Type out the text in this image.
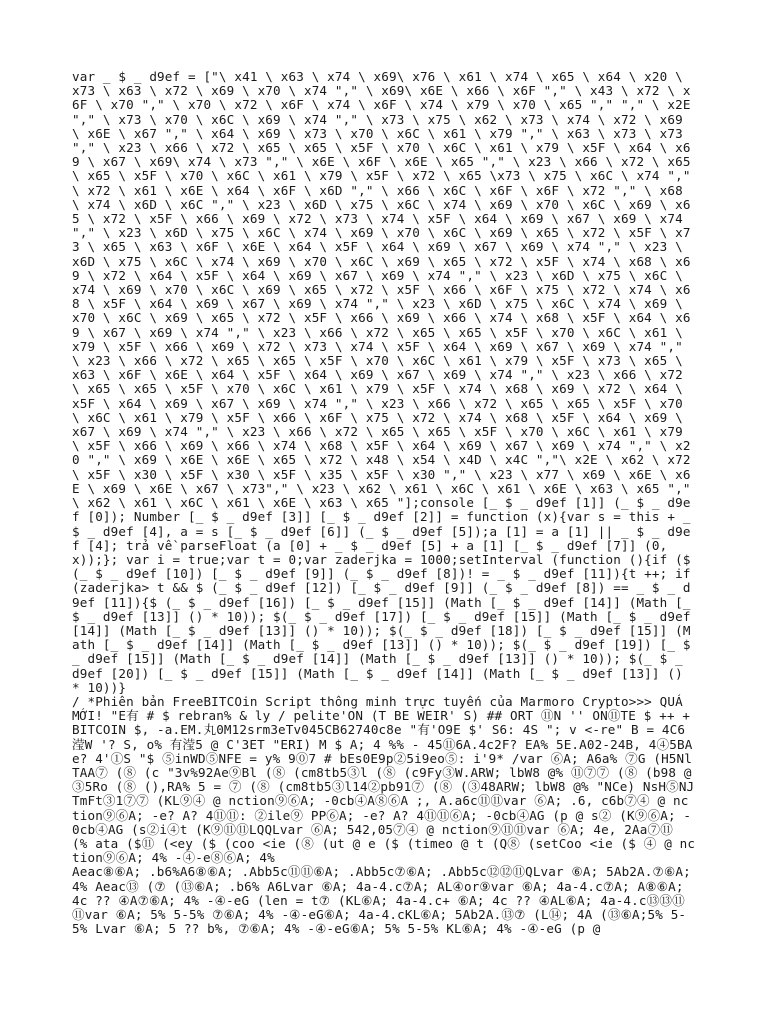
var _ $ _ d9ef = ["\ x41 \ x63 \ x74 \ x69\ x76 \ x61 \ x74 \ x65 \ x64 \ x20 \ x73 \ x63 \ x72 \ x69 \ x70 \ x74 "," \ x69\ x6E \ x66 \ x6F "," \ x43 \ x72 \ x6F \ x70 "," \ x70 \ x72 \ x6F \ x74 \ x6F \ x74 \ x79 \ x70 \ x65 "," "," \ x2E "," \ x73 \ x70 \ x6C \ x69 \ x74 "," \ x73 \ x75 \ x62 \ x73 \ x74 \ x72 \ x69 \ x6E \ x67 "," \ x64 \ x69 \ x73 \ x70 \ x6C \ x61 \ x79 "," \ x63 \ x73 \ x73 "," \ x23 \ x66 \ x72 \ x65 \ x65 \ x5F \ x70 \ x6C \ x61 \ x79 \ x5F \ x64 \ x69 \ x67 \ x69\ x74 \ x73 "," \ x6E \ x6F \ x6E \ x65 "," \ x23 \ x66 \ x72 \ x65 \ x65 \ x5F \ x70 \ x6C \ x61 \ x79 \ x5F \ x72 \ x65 \x73 \ x75 \ x6C \ x74 "," \ x72 \ x61 \ x6E \ x64 \ x6F \ x6D "," \ x66 \ x6C \ x6F \ x6F \ x72 "," \ x68 \ x74 \ x6D \ x6C "," \ x23 \ x6D \ x75 \ x6C \ x74 \ x69 \ x70 \ x6C \ x69 \ x65 \ x72 \ x5F \ x66 \ x69 \ x72 \ x73 \ x74 \ x5F \ x64 \ x69 \ x67 \ x69 \ x74 "," \ x23 \ x6D \ x75 \ x6C \ x74 \ x69 \ x70 \ x6C \ x69 \ x65 \ x72 \ x5F \ x73 \ x65 \ x63 \ x6F \ x6E \ x64 \ x5F \ x64 \ x69 \ x67 \ x69 \ x74 "," \ x23 \ x6D \ x75 \ x6C \ x74 \ x69 \ x70 \ x6C \ x69 \ x65 \ x72 \ x5F \ x74 \ x68 \ x69 \ x72 \ x64 \ x5F \ x64 \ x69 \ x67 \ x69 \ x74 "," \ x23 \ x6D \ x75 \ x6C \ x74 \ x69 \ x70 \ x6C \ x69 \ x65 \ x72 \ x5F \ x66 \ x6F \ x75 \ x72 \ x74 \ x68 \ x5F \ x64 \ x69 \ x67 \ x69 \ x74 "," \ x23 \ x6D \ x75 \ x6C \ x74 \ x69 \ x70 \ x6C \ x69 \ x65 \ x72 \ x5F \ x66 \ x69 \ x66 \ x74 \ x68 \ x5F \ x64 \ x69 \ x67 \ x69 \ x74 "," \ x23 \ x66 \ x72 \ x65 \ x65 \ x5F \ x70 \ x6C \ x61 \ x79 \ x5F \ x66 \ x69 \ x72 \ x73 \ x74 \ x5F \ x64 \ x69 \ x67 \ x69 \ x74 "," \ x23 \ x66 \ x72 \ x65 \ x65 \ x5F \ x70 \ x6C \ x61 \ x79 \ x5F \ x73 \ x65 \ x63 \ x6F \ x6E \ x64 \ x5F \ x64 \ x69 \ x67 \ x69 \ x74 "," \ x23 \ x66 \ x72 \ x65 \ x65 \ x5F \ x70 \ x6C \ x61 \ x79 \ x5F \ x74 \ x68 \ x69 \ x72 \ x64 \ x5F \ x64 \ x69 \ x67 \ x69 \ x74 "," \ x23 \ x66 \ x72 \ x65 \ x65 \ x5F \ x70 \ x6C \ x61 \ x79 \ x5F \ x66 \ x6F \ x75 \ x72 \ x74 \ x68 \ x5F \ x64 \ x69 \ x67 \ x69 \ x74 "," \ x23 \ x66 \ x72 \ x65 \ x65 \ x5F \ x70 \ x6C \ x61 \ x79 \ x5F \ x66 \ x69 \ x66 \ x74 \ x68 \ x5F \ x64 \ x69 \ x67 \ x69 \ x74 "," \ x20 "," \ x69 \ x6E \ x6E \ x65 \ x72 \ x48 \ x54 \ x4D \ x4C ","\ x2E \ x62 \ x72 \ x5F \ x30 \ x5F \ x30 \ x5F \ x35 \ x5F \ x30 "," \ x23 \ x77 \ x69 \ x6E \ x6E \ x69 \ x6E \ x67 \ x73"," \ x23 \ x62 \ x61 \ x6C \ x61 \ x6E \ x63 \ x65 "," \ x62 \ x61 \ x6C \ x61 \ x6E \ x63 \ x65 "];console [_ $ _ d9ef [1]] (_ $ _ d9ef [0]); Number [_ $ _ d9ef [3]] [_ $ _ d9ef [2]] = function (x){var s = this + _ $ _ d9ef [4], a = s [_ $ _ d9ef [6]] (_ $ _ d9ef [5]);a [1] = a [1] || _ $ _ d9ef [4]; trả về parseFloat (a [0] + _ $ _ d9ef [5] + a [1] [_ $ _ d9ef [7]] (0, x));}; var i = true;var t = 0;var zaderjka = 1000;setInterval (function (){if ($ (_ $ _ d9ef [10]) [_ $ _ d9ef [9]] (_ $ _ d9ef [8])! = _ $ _ d9ef [11]){t ++; if (zaderjka> t && $ (_ $ _ d9ef [12]) [_ $ _ d9ef [9]] (_ $ _ d9ef [8]) == _ $ _ d9ef [11]){$ (_ $ _ d9ef [16]) [_ $ _ d9ef [15]] (Math [_ $ _ d9ef [14]] (Math [_ $ _ d9ef [13]] () * 10)); $(_ $ _ d9ef [17]) [_ $ _ d9ef [15]] (Math [_ $ _ d9ef [14]] (Math [_ $ _ d9ef [13]] () * 10)); $(_ $ _ d9ef [18]) [_ $ _ d9ef [15]] (Math [_ $ _ d9ef [14]] (Math [_ $ _ d9ef [13]] () * 10)); $(_ $ _ d9ef [19]) [_ $ _ d9ef [15]] (Math [_ $ _ d9ef [14]] (Math [_ $ _ d9ef [13]] () * 10)); $(_ $ _ d9ef [20]) [_ $ _ d9ef [15]] (Math [_ $ _ d9ef [14]] (Math [_ $ _ d9ef [13]] () * 10))}
/ *Phiên bản FreeBITCOin Script thông minh trực tuyến của Marmoro Crypto>>> QUÁ MỚI! "E有 # $ rebran% & ly / pelite'ON (T BE WEIR' S) ## ORT ⑪N '' ON⑪TE $ ++ +BITCOIN $, -a.EM.丸0M12srm3eTv045CB62740c8e "有'O9E $' S6: 4S "; v <-re" B = 4C6滢W '? S, o% 有滢5 @ C'3ET "ERI) M $ A; 4 %% - 45⑪6A.4c2F? EA% 5E.A02-24B, 4④5BAe? 4'①S "$ ⑤inWD⑤NFE = y% 9⓪7 # bEs0E9p②5i9eo⑤: i'9* /var ⑥A; A6a% ⑦G (H5NlTAA⑦ (⑧ (c "3v%92Ae⑨Bl (⑧ (cm8tb5③l (⑧ (c9Fy③W.ARW; lbW8 @% ⑪⑦⑦ (⑧ (b98 @ ③5Ro (⑧ (),RA% 5 = ⑦ (⑧ (cm8tb5③l14②pb91⑦ (⑧ (③48ARW; lbW8 @% "NCe) NsH⑤NJTmFt③1⑦⑦ (KL⑨④ @ nction⑨⑥A; -0cb④A⑧⑥A ;, A.a6c⑪⑪var ⑥A; .6, c6b⑦④ @ nction⑨⑥A; -e? A? 4⑪⑪: ②ile⑨ PP⑥A; -e? A? 4⑪⑪⑥A; -0cb④AG (p @ s② (K⑨⑥A; -0cb④AG (s②i④t (K⑨⑪⑪LQQLvar ⑥A; 542,05⑦④ @ nction⑨⑪⑪var ⑥A; 4e, 2Aa⑦⑪ (% ata ($⑪ (<ey ($ (coo <ie (⑧ (ut @ e ($ (timeo @ t (Q⑧ (setCoo <ie ($ ④ @ nction⑨⑥A; 4% -④-e⑧⑥A; 4%
Aeac⑧⑥A; .b6%A6⑧⑥A; .Abb5c⑪⑪⑥A; .Abb5c⑦⑥A; .Abb5c⑫⑫⑪QLvar ⑥A; 5Ab2A.⑦⑥A; 4% Aeac⑬ (⑦ (⑬⑥A; .b6% A6Lvar ⑥A; 4a-4.c⑦A; AL④or⑨var ⑥A; 4a-4.c⑦A; A⑧⑥A; 4c ?? ④A⑦⑥A; 4% -④-eG (len = t⑦ (KL⑥A; 4a-4.c+ ⑥A; 4c ?? ④AL⑥A; 4a-4.c⑬⑬⑪⑪var ⑥A; 5% 5-5% ⑦⑥A; 4% -④-eG⑥A; 4a-4.cKL⑥A; 5Ab2A.⑬⑦ (L⑭; 4A (⑬⑥A;5% 5-5% Lvar ⑥A; 5 ?? b%, ⑦⑥A; 4% -④-eG⑥A; 5% 5-5% KL⑥A; 4% -④-eG (p @
